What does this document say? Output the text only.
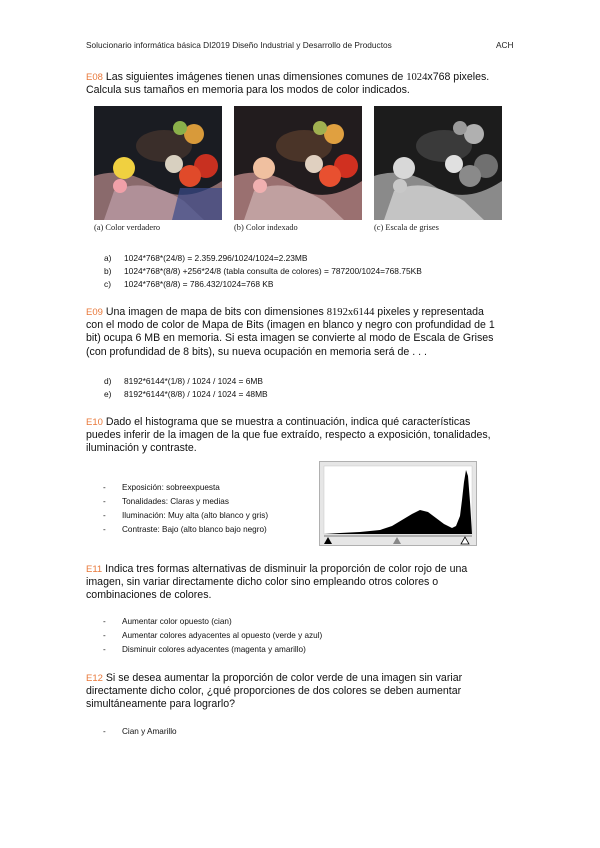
Solucionario informática básica DI2019 Diseño Industrial y Desarrollo de Productos	ACH
E08 Las siguientes imágenes tienen unas dimensiones comunes de 1024x768 pixeles.
Calcula sus tamaños en memoria para los modos de color indicados.
(a) Color verdadero	(b) Color indexado	(c) Escala de grises
a) 1024*768*(24/8) = 2.359.296/1024/1024=2.23MB
b) 1024*768*(8/8) +256*24/8 (tabla consulta de colores) = 787200/1024=768.75KB
c) 1024*768*(8/8) = 786.432/1024=768 KB
E09 Una imagen de mapa de bits con dimensiones 8192x6144 pixeles y representada
con el modo de color de Mapa de Bits (imagen en blanco y negro con profundidad de 1
bit) ocupa 6 MB en memoria. Si esta imagen se convierte al modo de Escala de Grises
(con profundidad de 8 bits), su nueva ocupación en memoria será de . . .
d) 8192*6144*(1/8) / 1024 / 1024 = 6MB
e) 8192*6144*(8/8) / 1024 / 1024 = 48MB
E10 Dado el histograma que se muestra a continuación, indica qué características
puedes inferir de la imagen de la que fue extraído, respecto a exposición, tonalidades,
iluminación y contraste.
- Exposición: sobreexpuesta
- Tonalidades: Claras y medias
- Iluminación: Muy alta (alto blanco y gris)
- Contraste: Bajo (alto blanco bajo negro)
E11 Indica tres formas alternativas de disminuir la proporción de color rojo de una
imagen, sin variar directamente dicho color sino empleando otros colores o
combinaciones de colores.
- Aumentar color opuesto (cian)
- Aumentar colores adyacentes al opuesto (verde y azul)
- Disminuir colores adyacentes (magenta y amarillo)
E12 Si se desea aumentar la proporción de color verde de una imagen sin variar
directamente dicho color, ¿qué proporciones de dos colores se deben aumentar
simultáneamente para lograrlo?
- Cian y Amarillo
